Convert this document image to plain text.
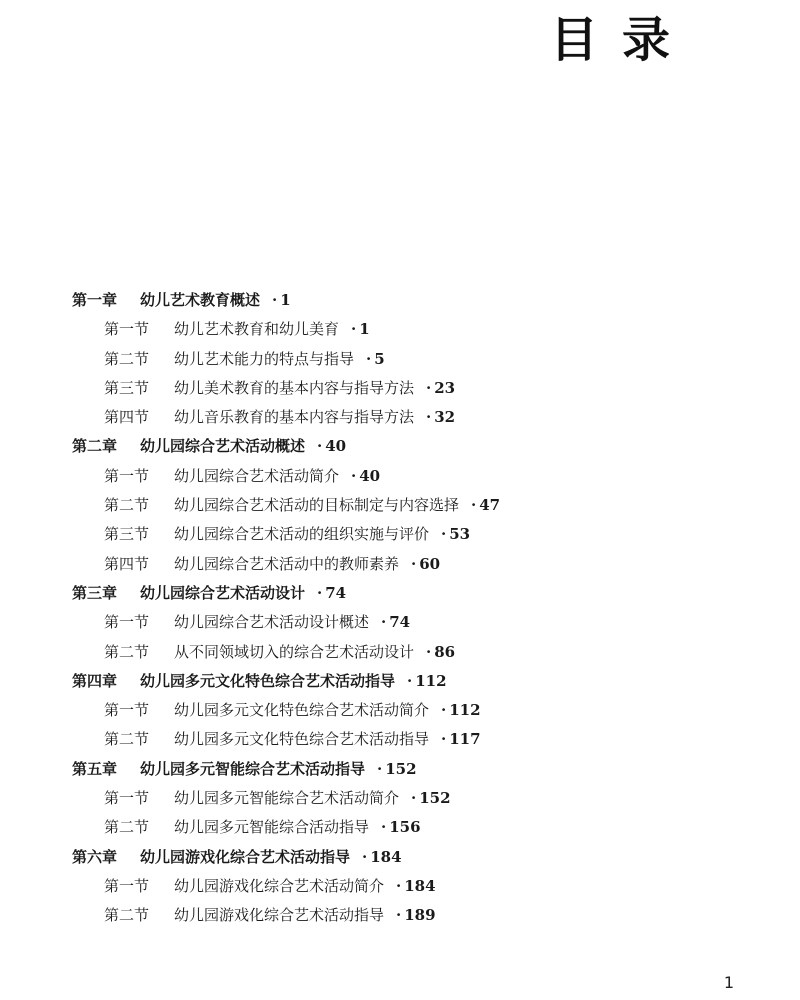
目录
第一章 幼儿艺术教育概述 · 1
第一节 幼儿艺术教育和幼儿美育 · 1
第二节 幼儿艺术能力的特点与指导 · 5
第三节 幼儿美术教育的基本内容与指导方法 · 23
第四节 幼儿音乐教育的基本内容与指导方法 · 32
第二章 幼儿园综合艺术活动概述 · 40
第一节 幼儿园综合艺术活动简介 · 40
第二节 幼儿园综合艺术活动的目标制定与内容选择 · 47
第三节 幼儿园综合艺术活动的组织实施与评价 · 53
第四节 幼儿园综合艺术活动中的教师素养 · 60
第三章 幼儿园综合艺术活动设计 · 74
第一节 幼儿园综合艺术活动设计概述 · 74
第二节 从不同领域切入的综合艺术活动设计 · 86
第四章 幼儿园多元文化特色综合艺术活动指导 · 112
第一节 幼儿园多元文化特色综合艺术活动简介 · 112
第二节 幼儿园多元文化特色综合艺术活动指导 · 117
第五章 幼儿园多元智能综合艺术活动指导 · 152
第一节 幼儿园多元智能综合艺术活动简介 · 152
第二节 幼儿园多元智能综合活动指导 · 156
第六章 幼儿园游戏化综合艺术活动指导 · 184
第一节 幼儿园游戏化综合艺术活动简介 · 184
第二节 幼儿园游戏化综合艺术活动指导 · 189
1
